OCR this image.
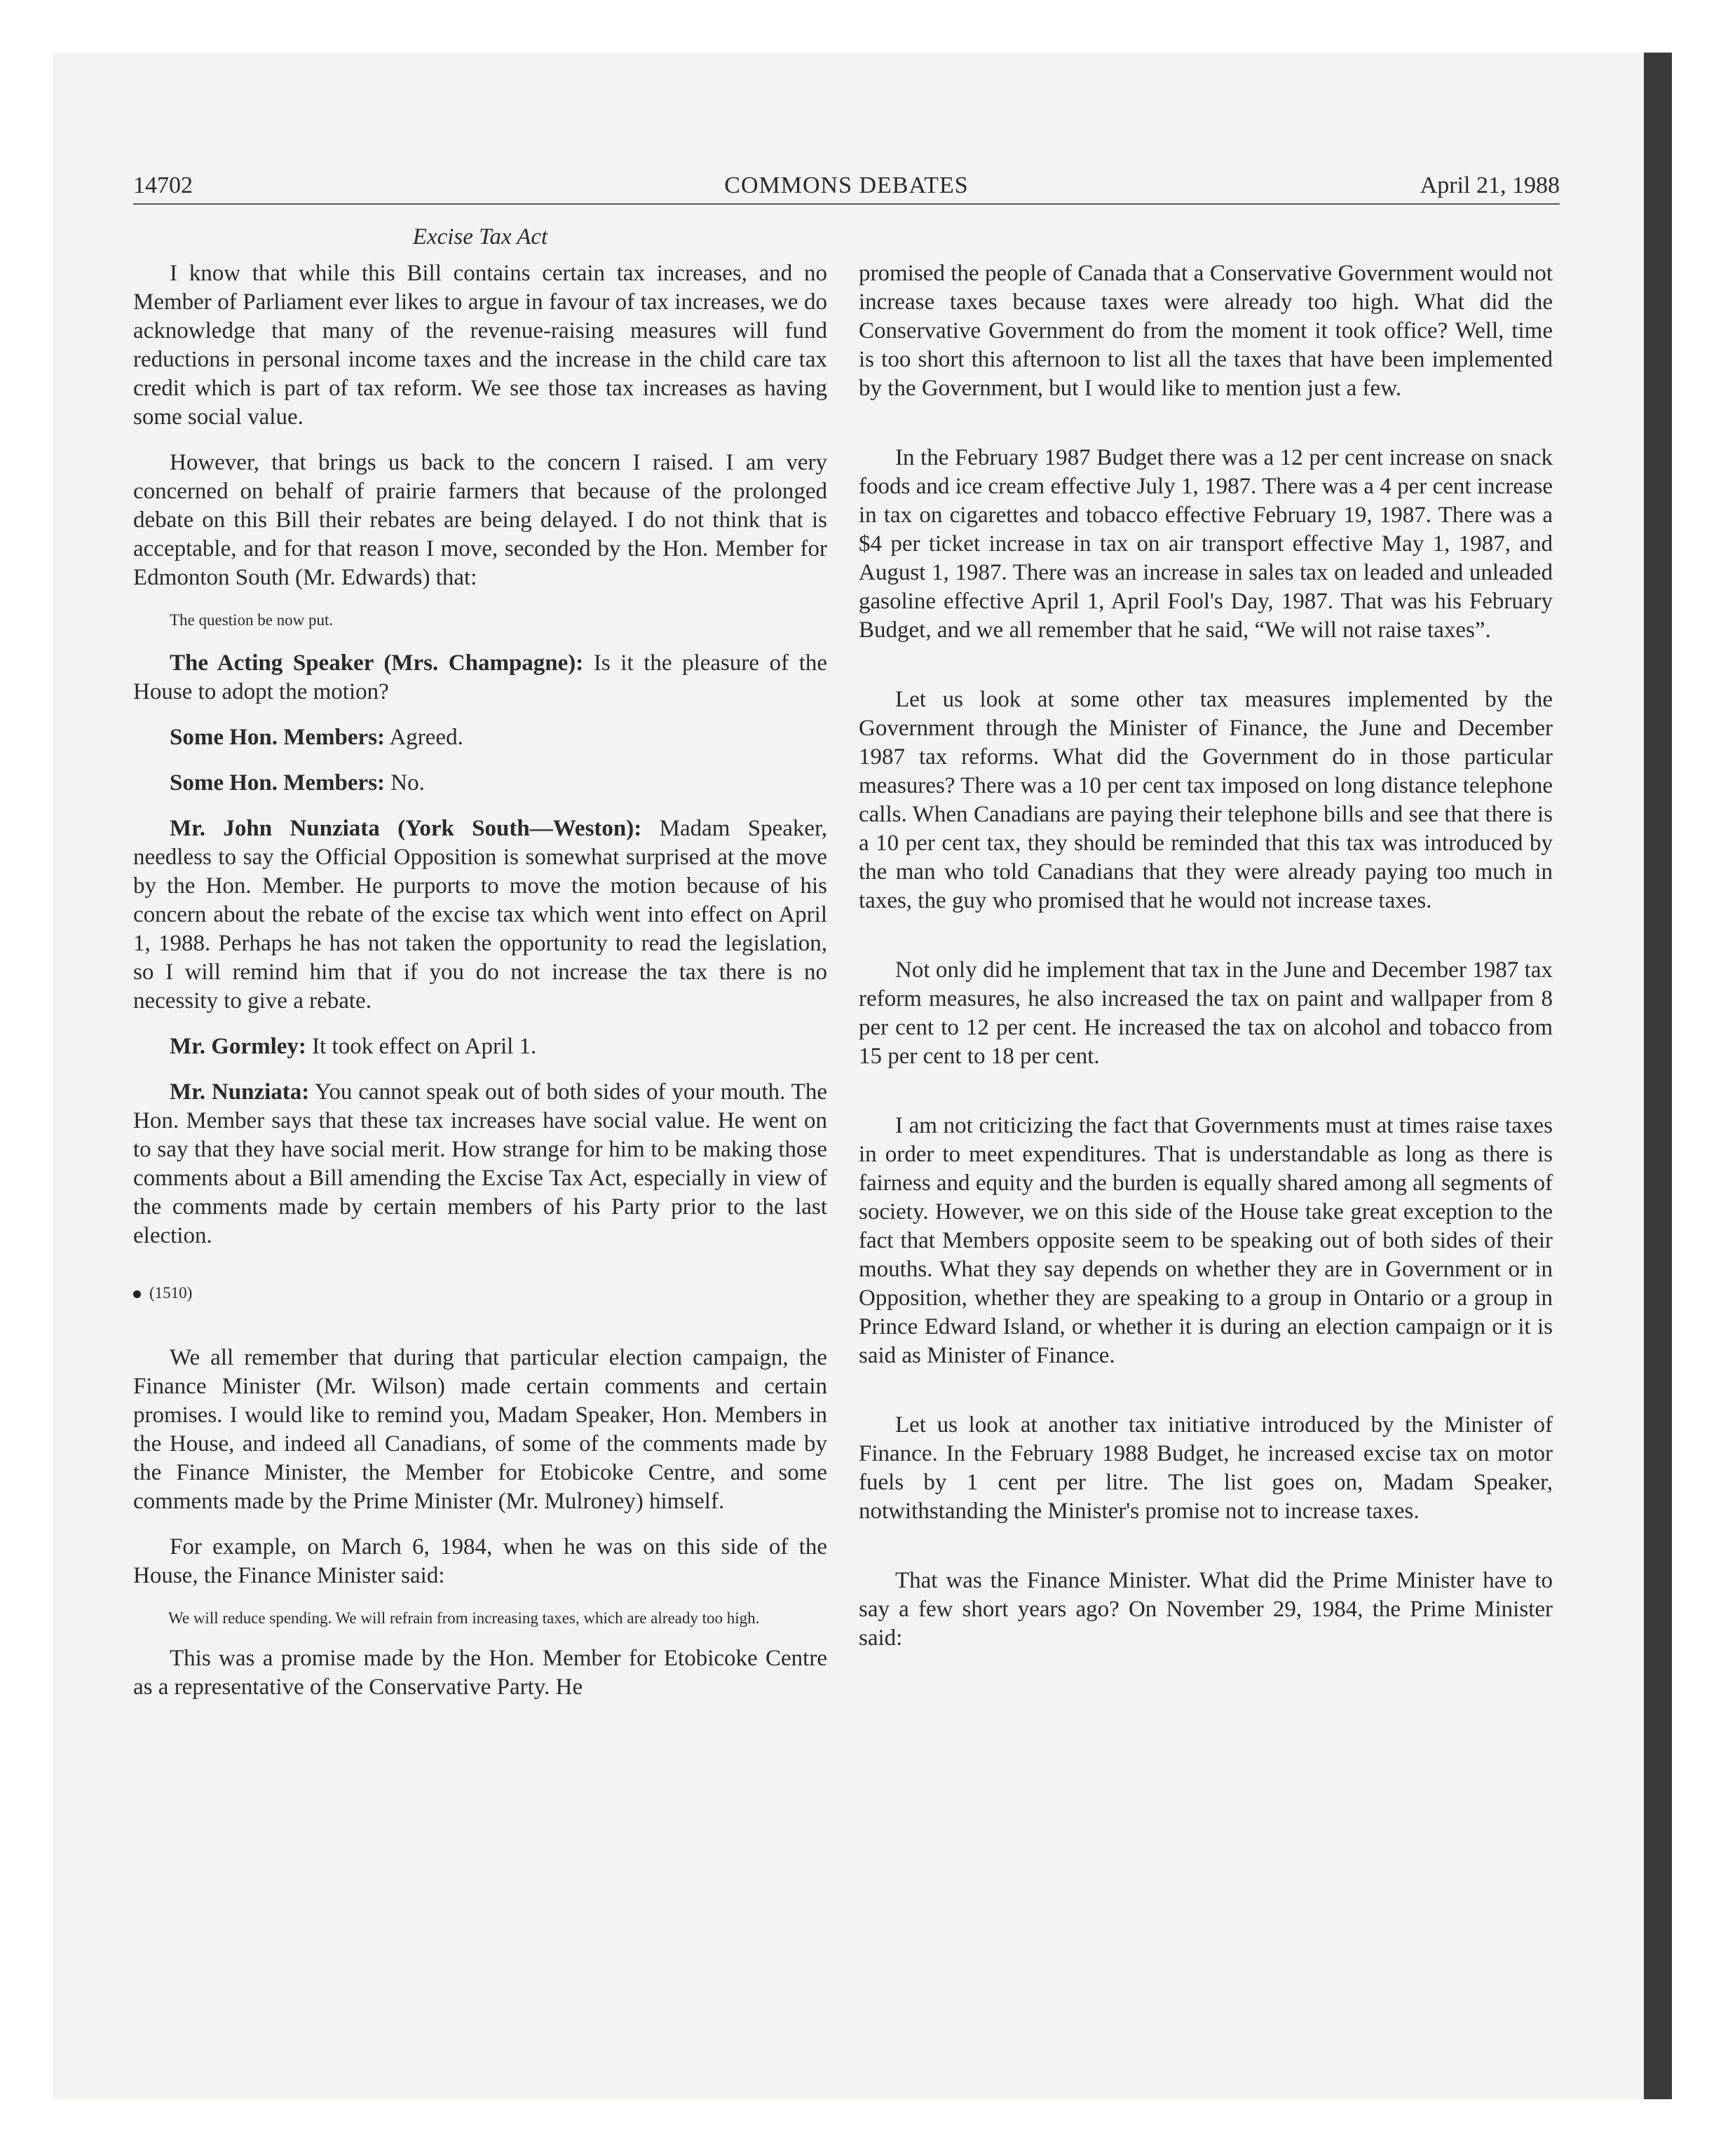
14702	COMMONS DEBATES	April 21, 1988
Excise Tax Act

I know that while this Bill contains certain tax increases, and no Member of Parliament ever likes to argue in favour of tax increases, we do acknowledge that many of the revenue-raising measures will fund reductions in personal income taxes and the increase in the child care tax credit which is part of tax reform. We see those tax increases as having some social value.

However, that brings us back to the concern I raised. I am very concerned on behalf of prairie farmers that because of the prolonged debate on this Bill their rebates are being delayed. I do not think that is acceptable, and for that reason I move, seconded by the Hon. Member for Edmonton South (Mr. Edwards) that:

The question be now put.

The Acting Speaker (Mrs. Champagne): Is it the pleasure of the House to adopt the motion?

Some Hon. Members: Agreed.

Some Hon. Members: No.

Mr. John Nunziata (York South—Weston): Madam Speaker, needless to say the Official Opposition is somewhat surprised at the move by the Hon. Member. He purports to move the motion because of his concern about the rebate of the excise tax which went into effect on April 1, 1988. Perhaps he has not taken the opportunity to read the legislation, so I will remind him that if you do not increase the tax there is no necessity to give a rebate.

Mr. Gormley: It took effect on April 1.

Mr. Nunziata: You cannot speak out of both sides of your mouth. The Hon. Member says that these tax increases have social value. He went on to say that they have social merit. How strange for him to be making those comments about a Bill amending the Excise Tax Act, especially in view of the comments made by certain members of his Party prior to the last election.

(1510)

We all remember that during that particular election campaign, the Finance Minister (Mr. Wilson) made certain comments and certain promises. I would like to remind you, Madam Speaker, Hon. Members in the House, and indeed all Canadians, of some of the comments made by the Finance Minister, the Member for Etobicoke Centre, and some comments made by the Prime Minister (Mr. Mulroney) himself.

For example, on March 6, 1984, when he was on this side of the House, the Finance Minister said:

We will reduce spending. We will refrain from increasing taxes, which are already too high.

This was a promise made by the Hon. Member for Etobicoke Centre as a representative of the Conservative Party. He

promised the people of Canada that a Conservative Government would not increase taxes because taxes were already too high. What did the Conservative Government do from the moment it took office? Well, time is too short this afternoon to list all the taxes that have been implemented by the Government, but I would like to mention just a few.

In the February 1987 Budget there was a 12 per cent increase on snack foods and ice cream effective July 1, 1987. There was a 4 per cent increase in tax on cigarettes and tobacco effective February 19, 1987. There was a $4 per ticket increase in tax on air transport effective May 1, 1987, and August 1, 1987. There was an increase in sales tax on leaded and unleaded gasoline effective April 1, April Fool's Day, 1987. That was his February Budget, and we all remember that he said, “We will not raise taxes”.

Let us look at some other tax measures implemented by the Government through the Minister of Finance, the June and December 1987 tax reforms. What did the Government do in those particular measures? There was a 10 per cent tax imposed on long distance telephone calls. When Canadians are paying their telephone bills and see that there is a 10 per cent tax, they should be reminded that this tax was introduced by the man who told Canadians that they were already paying too much in taxes, the guy who promised that he would not increase taxes.

Not only did he implement that tax in the June and December 1987 tax reform measures, he also increased the tax on paint and wallpaper from 8 per cent to 12 per cent. He increased the tax on alcohol and tobacco from 15 per cent to 18 per cent.

I am not criticizing the fact that Governments must at times raise taxes in order to meet expenditures. That is understandable as long as there is fairness and equity and the burden is equally shared among all segments of society. However, we on this side of the House take great exception to the fact that Members opposite seem to be speaking out of both sides of their mouths. What they say depends on whether they are in Government or in Opposition, whether they are speaking to a group in Ontario or a group in Prince Edward Island, or whether it is during an election campaign or it is said as Minister of Finance.

Let us look at another tax initiative introduced by the Minister of Finance. In the February 1988 Budget, he increased excise tax on motor fuels by 1 cent per litre. The list goes on, Madam Speaker, notwithstanding the Minister's promise not to increase taxes.

That was the Finance Minister. What did the Prime Minister have to say a few short years ago? On November 29, 1984, the Prime Minister said:
